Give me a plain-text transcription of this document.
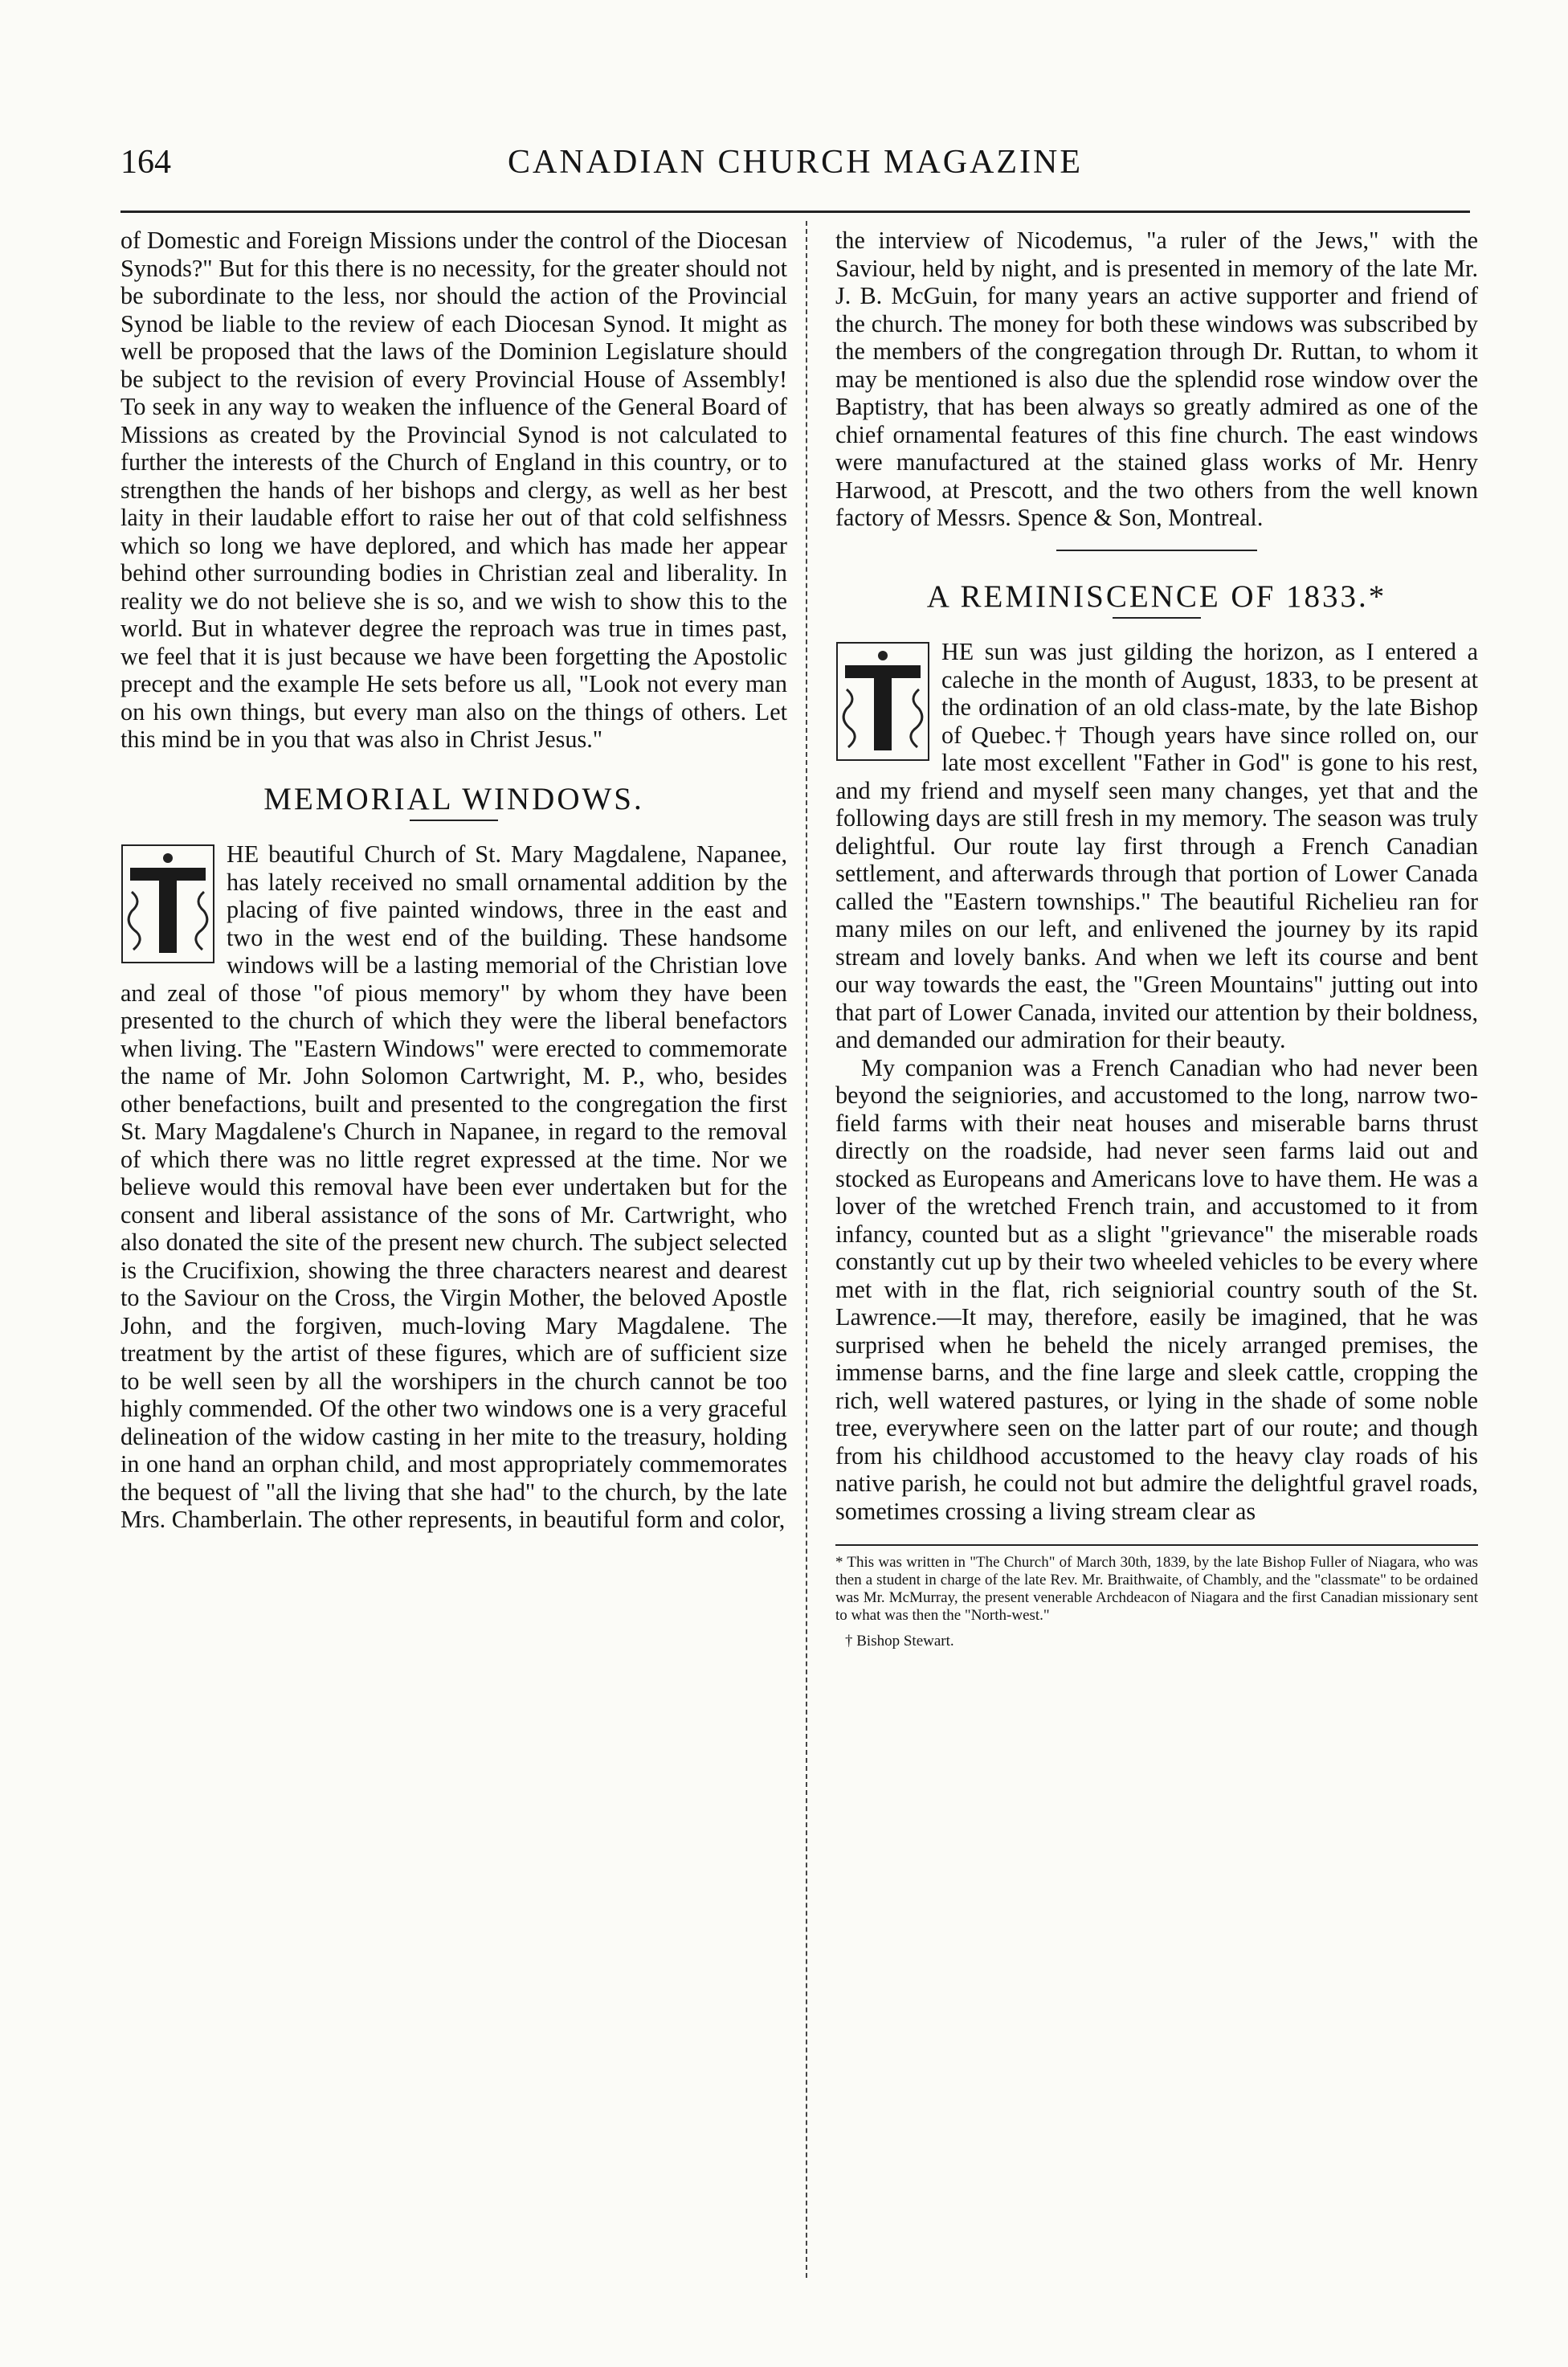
164	CANADIAN CHURCH MAGAZINE

of Domestic and Foreign Missions under the control of the Diocesan Synods?" But for this there is no necessity, for the greater should not be subordinate to the less, nor should the action of the Provincial Synod be liable to the review of each Diocesan Synod. It might as well be proposed that the laws of the Dominion Legislature should be subject to the revision of every Provincial House of Assembly! To seek in any way to weaken the influence of the General Board of Missions as created by the Provincial Synod is not calculated to further the interests of the Church of England in this country, or to strengthen the hands of her bishops and clergy, as well as her best laity in their laudable effort to raise her out of that cold selfishness which so long we have deplored, and which has made her appear behind other surrounding bodies in Christian zeal and liberality. In reality we do not believe she is so, and we wish to show this to the world. But in whatever degree the reproach was true in times past, we feel that it is just because we have been forgetting the Apostolic precept and the example He sets before us all, "Look not every man on his own things, but every man also on the things of others. Let this mind be in you that was also in Christ Jesus."

MEMORIAL WINDOWS.

HE beautiful Church of St. Mary Magdalene, Napanee, has lately received no small ornamental addition by the placing of five painted windows, three in the east and two in the west end of the building. These handsome windows will be a lasting memorial of the Christian love and zeal of those "of pious memory" by whom they have been presented to the church of which they were the liberal benefactors when living. The "Eastern Windows" were erected to commemorate the name of Mr. John Solomon Cartwright, M. P., who, besides other benefactions, built and presented to the congregation the first St. Mary Magdalene's Church in Napanee, in regard to the removal of which there was no little regret expressed at the time. Nor we believe would this removal have been ever undertaken but for the consent and liberal assistance of the sons of Mr. Cartwright, who also donated the site of the present new church. The subject selected is the Crucifixion, showing the three characters nearest and dearest to the Saviour on the Cross, the Virgin Mother, the beloved Apostle John, and the forgiven, much-loving Mary Magdalene. The treatment by the artist of these figures, which are of sufficient size to be well seen by all the worshipers in the church cannot be too highly commended. Of the other two windows one is a very graceful delineation of the widow casting in her mite to the treasury, holding in one hand an orphan child, and most appropriately commemorates the bequest of "all the living that she had" to the church, by the late Mrs. Chamberlain. The other represents, in beautiful form and color,

the interview of Nicodemus, "a ruler of the Jews," with the Saviour, held by night, and is presented in memory of the late Mr. J. B. McGuin, for many years an active supporter and friend of the church. The money for both these windows was subscribed by the members of the congregation through Dr. Ruttan, to whom it may be mentioned is also due the splendid rose window over the Baptistry, that has been always so greatly admired as one of the chief ornamental features of this fine church. The east windows were manufactured at the stained glass works of Mr. Henry Harwood, at Prescott, and the two others from the well known factory of Messrs. Spence & Son, Montreal.

A REMINISCENCE OF 1833.*

HE sun was just gilding the horizon, as I entered a caleche in the month of August, 1833, to be present at the ordination of an old class-mate, by the late Bishop of Quebec.† Though years have since rolled on, our late most excellent "Father in God" is gone to his rest, and my friend and myself seen many changes, yet that and the following days are still fresh in my memory. The season was truly delightful. Our route lay first through a French Canadian settlement, and afterwards through that portion of Lower Canada called the "Eastern townships." The beautiful Richelieu ran for many miles on our left, and enlivened the journey by its rapid stream and lovely banks. And when we left its course and bent our way towards the east, the "Green Mountains" jutting out into that part of Lower Canada, invited our attention by their boldness, and demanded our admiration for their beauty.

My companion was a French Canadian who had never been beyond the seigniories, and accustomed to the long, narrow two-field farms with their neat houses and miserable barns thrust directly on the roadside, had never seen farms laid out and stocked as Europeans and Americans love to have them. He was a lover of the wretched French train, and accustomed to it from infancy, counted but as a slight "grievance" the miserable roads constantly cut up by their two wheeled vehicles to be every where met with in the flat, rich seigniorial country south of the St. Lawrence.—It may, therefore, easily be imagined, that he was surprised when he beheld the nicely arranged premises, the immense barns, and the fine large and sleek cattle, cropping the rich, well watered pastures, or lying in the shade of some noble tree, everywhere seen on the latter part of our route; and though from his childhood accustomed to the heavy clay roads of his native parish, he could not but admire the delightful gravel roads, sometimes crossing a living stream clear as

* This was written in "The Church" of March 30th, 1839, by the late Bishop Fuller of Niagara, who was then a student in charge of the late Rev. Mr. Braithwaite, of Chambly, and the "classmate" to be ordained was Mr. McMurray, the present venerable Archdeacon of Niagara and the first Canadian missionary sent to what was then the "North-west."

† Bishop Stewart.
